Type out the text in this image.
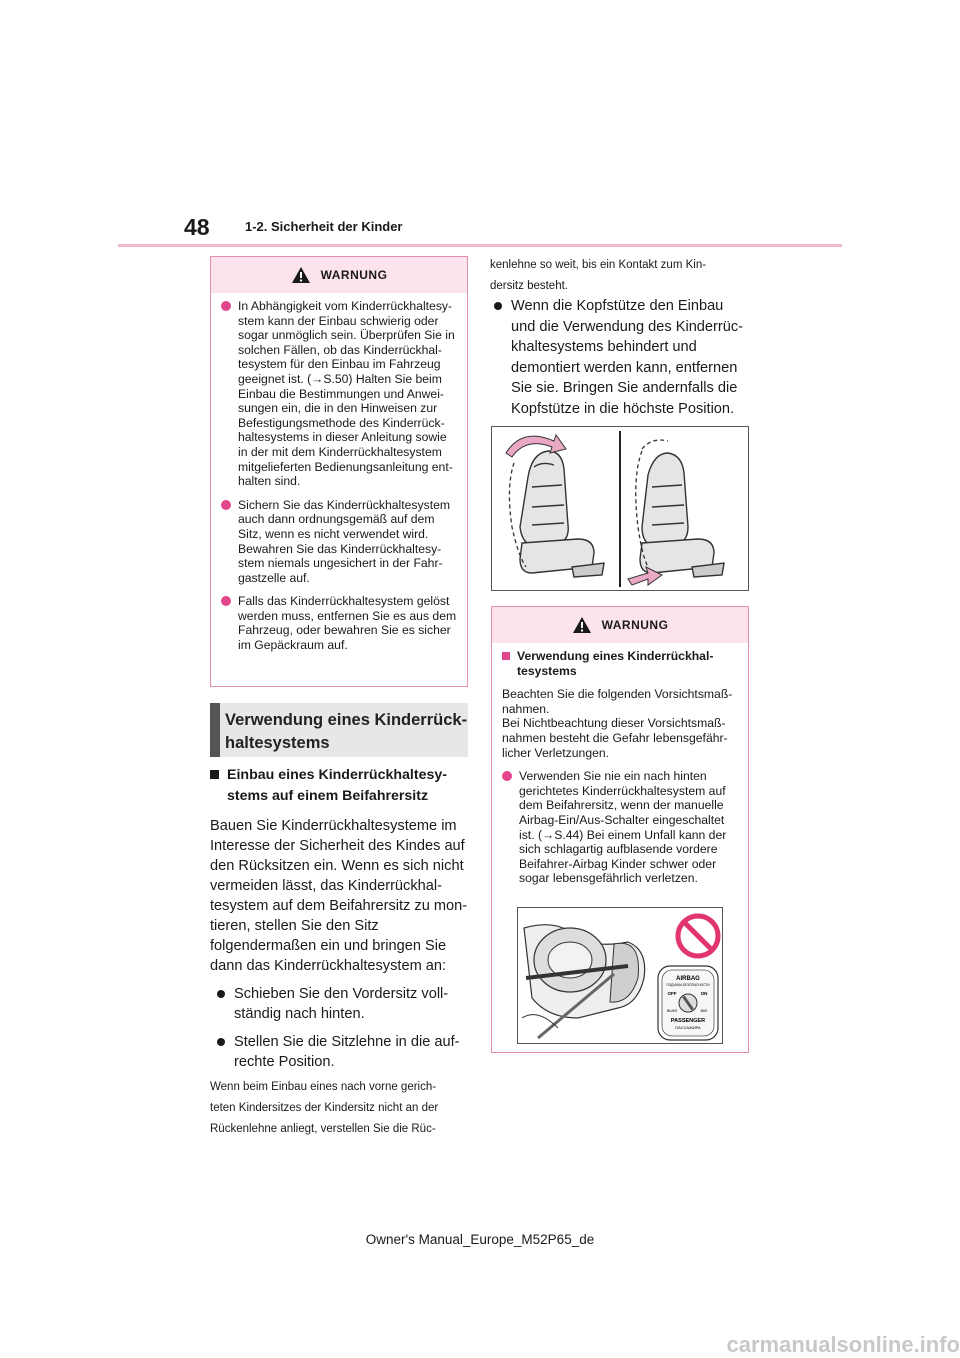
48	1-2. Sicherheit der Kinder
WARNUNG
In Abhängigkeit vom Kinderrückhaltesy-
stem kann der Einbau schwierig oder
sogar unmöglich sein. Überprüfen Sie in
solchen Fällen, ob das Kinderrückhal-
tesystem für den Einbau im Fahrzeug
geeignet ist. (→S.50) Halten Sie beim
Einbau die Bestimmungen und Anwei-
sungen ein, die in den Hinweisen zur
Befestigungsmethode des Kinderrück-
haltesystems in dieser Anleitung sowie
in der mit dem Kinderrückhaltesystem
mitgelieferten Bedienungsanleitung ent-
halten sind.
Sichern Sie das Kinderrückhaltesystem
auch dann ordnungsgemäß auf dem
Sitz, wenn es nicht verwendet wird.
Bewahren Sie das Kinderrückhaltesy-
stem niemals ungesichert in der Fahr-
gastzelle auf.
Falls das Kinderrückhaltesystem gelöst
werden muss, entfernen Sie es aus dem
Fahrzeug, oder bewahren Sie es sicher
im Gepäckraum auf.
Verwendung eines Kinderrück-
haltesystems
Einbau eines Kinderrückhaltesy-
stems auf einem Beifahrersitz
Bauen Sie Kinderrückhaltesysteme im
Interesse der Sicherheit des Kindes auf
den Rücksitzen ein. Wenn es sich nicht
vermeiden lässt, das Kinderrückhal-
tesystem auf dem Beifahrersitz zu mon-
tieren, stellen Sie den Sitz
folgendermaßen ein und bringen Sie
dann das Kinderrückhaltesystem an:
Schieben Sie den Vordersitz voll-
ständig nach hinten.
Stellen Sie die Sitzlehne in die auf-
rechte Position.
Wenn beim Einbau eines nach vorne gerich-
teten Kindersitzes der Kindersitz nicht an der
Rückenlehne anliegt, verstellen Sie die Rüc-
kenlehne so weit, bis ein Kontakt zum Kin-
dersitz besteht.
Wenn die Kopfstütze den Einbau
und die Verwendung des Kinderrüc-
khaltesystems behindert und
demontiert werden kann, entfernen
Sie sie. Bringen Sie andernfalls die
Kopfstütze in die höchste Position.
WARNUNG
Verwendung eines Kinderrückhal-
tesystems
Beachten Sie die folgenden Vorsichtsmaß-
nahmen.
Bei Nichtbeachtung dieser Vorsichtsmaß-
nahmen besteht die Gefahr lebensgefähr-
licher Verletzungen.
Verwenden Sie nie ein nach hinten
gerichtetes Kinderrückhaltesystem auf
dem Beifahrersitz, wenn der manuelle
Airbag-Ein/Aus-Schalter eingeschaltet
ist. (→S.44) Bei einem Unfall kann der
sich schlagartig aufblasende vordere
Beifahrer-Airbag Kinder schwer oder
sogar lebensgefährlich verletzen.
AIRBAG
ПОДУШКА БЕЗОПАСНОСТИ
OFF	ON
ВЫКЛ	ВКЛ
PASSENGER
ПАССАЖИРА
Owner's Manual_Europe_M52P65_de
carmanualsonline.info
